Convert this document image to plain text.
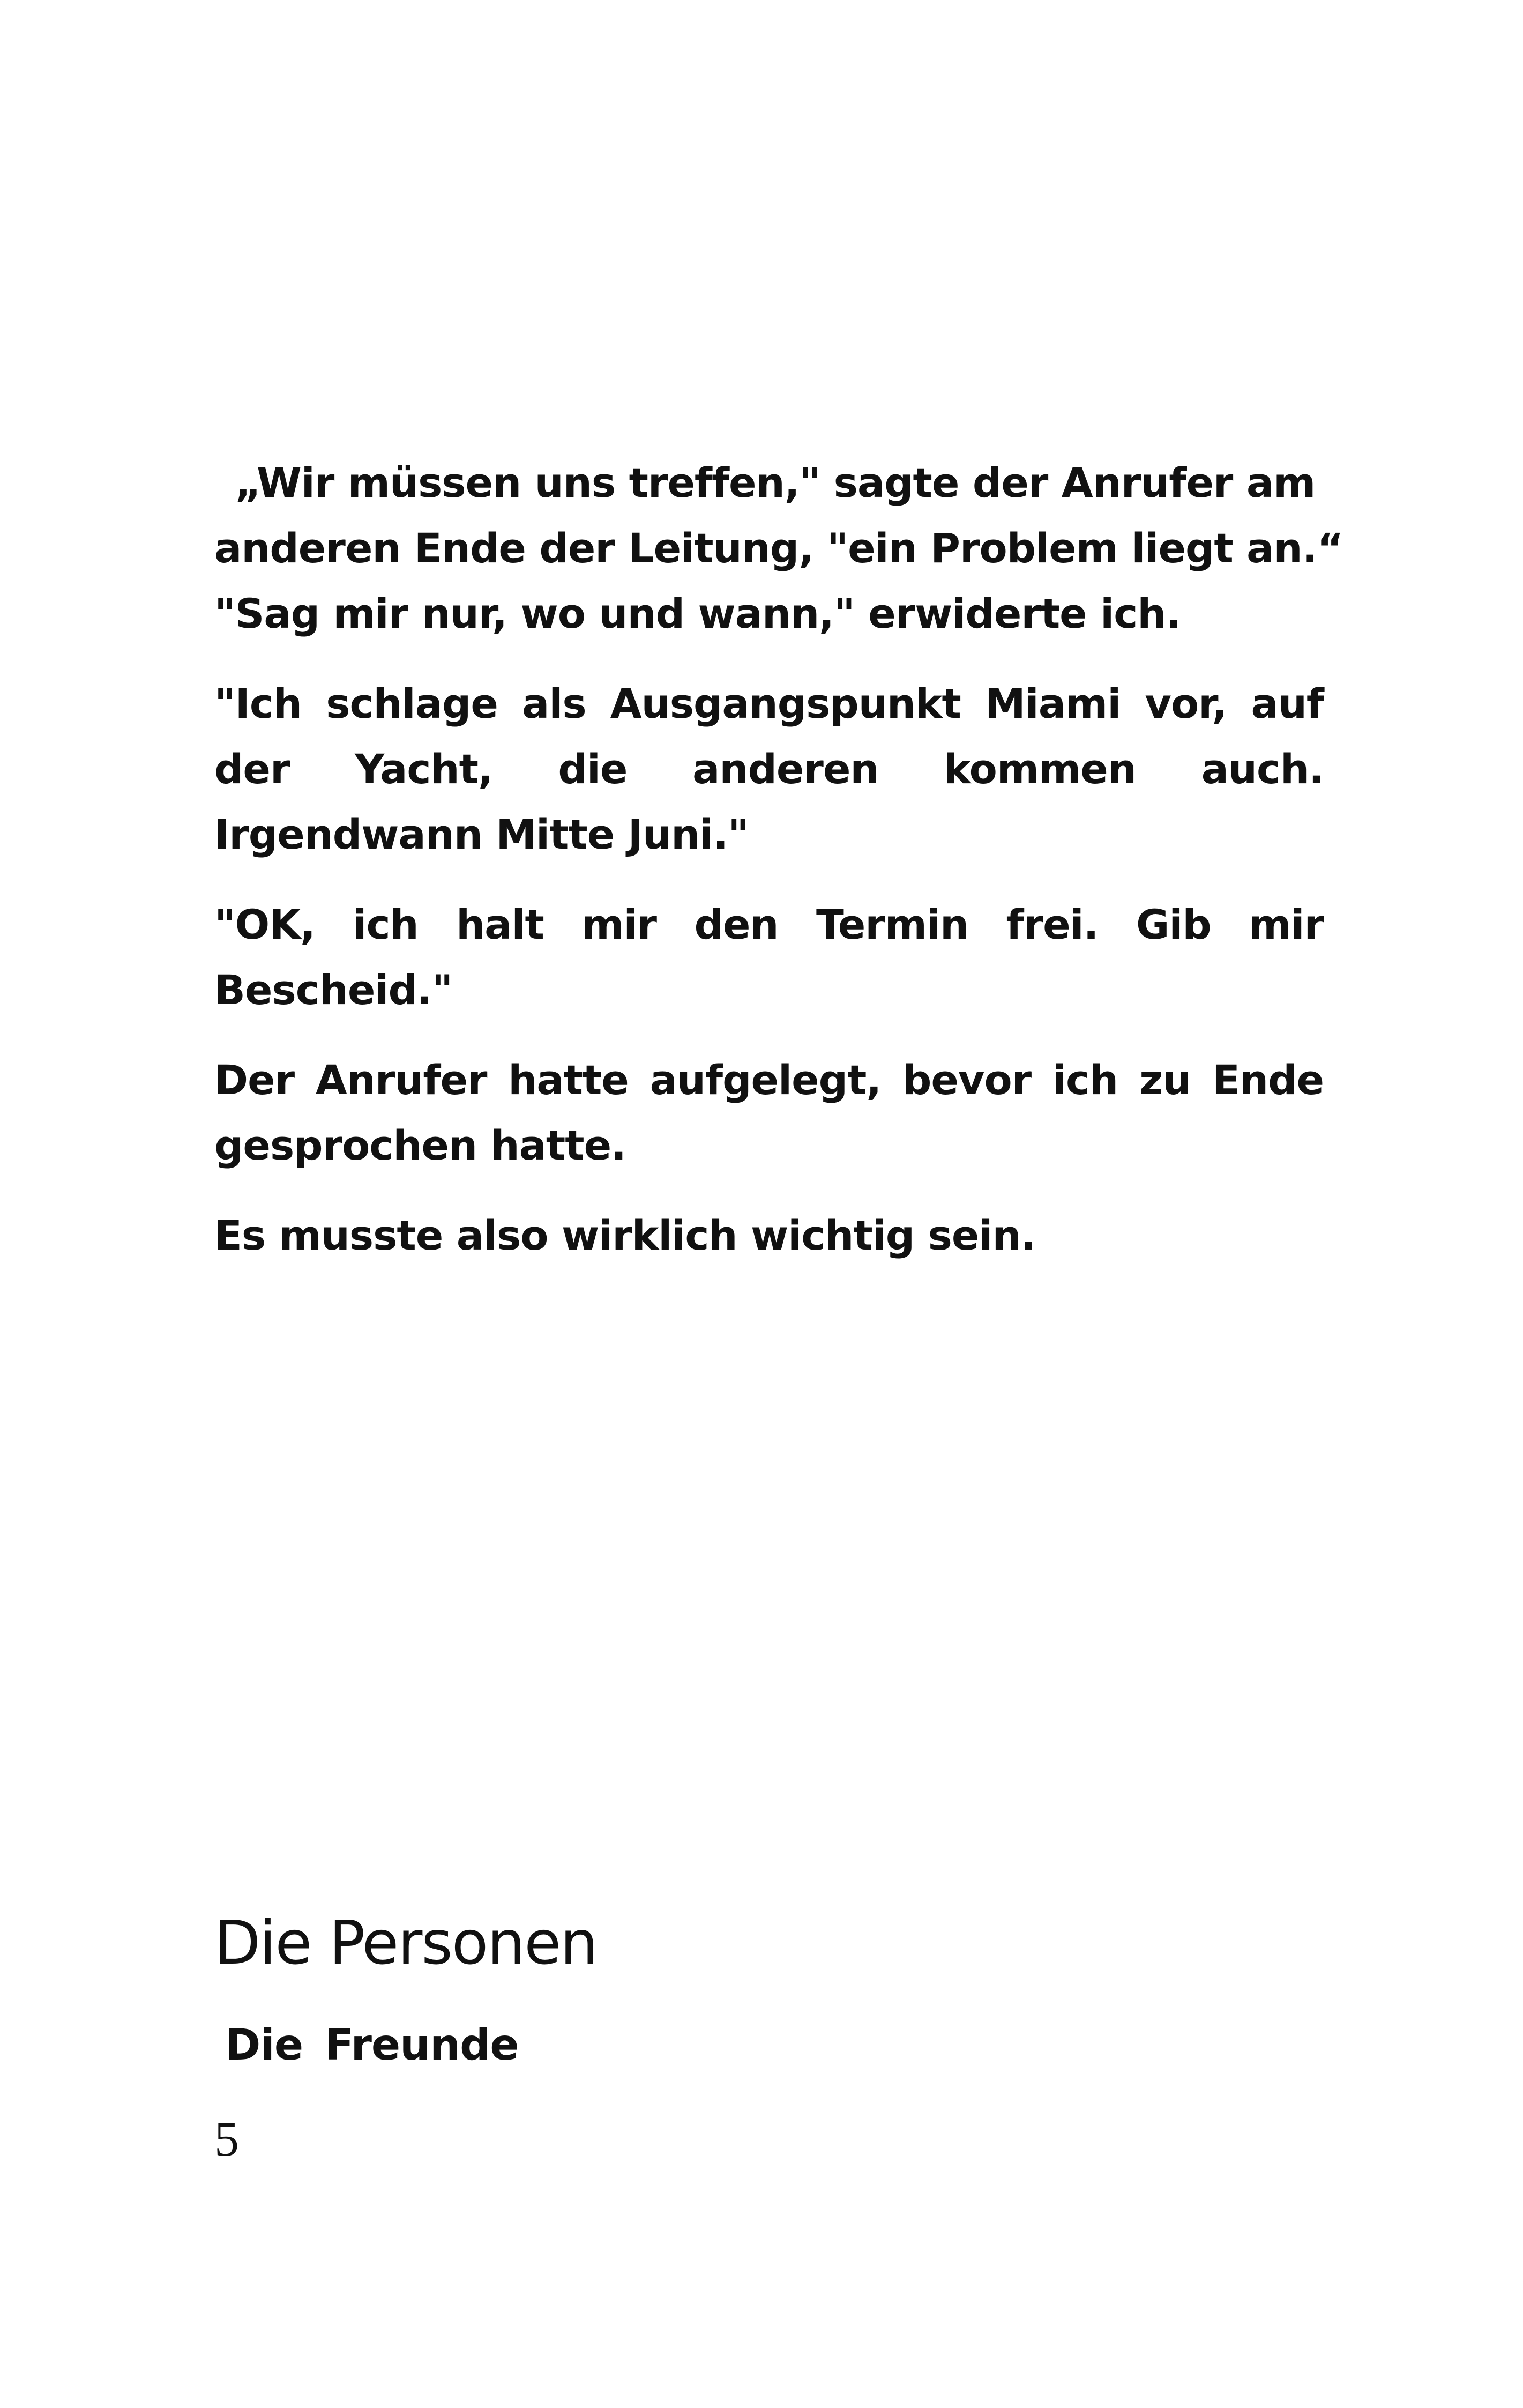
„Wir müssen uns treffen," sagte der Anrufer am
anderen Ende der Leitung, "ein Problem liegt an.“
"Sag mir nur, wo und wann," erwiderte ich.

"Ich schlage als Ausgangspunkt Miami vor, auf der Yacht, die anderen kommen auch. Irgendwann Mitte Juni."

"OK, ich halt mir den Termin frei. Gib mir Bescheid."

Der Anrufer hatte aufgelegt, bevor ich zu Ende gesprochen hatte.

Es musste also wirklich wichtig sein.

Die Personen
Die Freunde

5
